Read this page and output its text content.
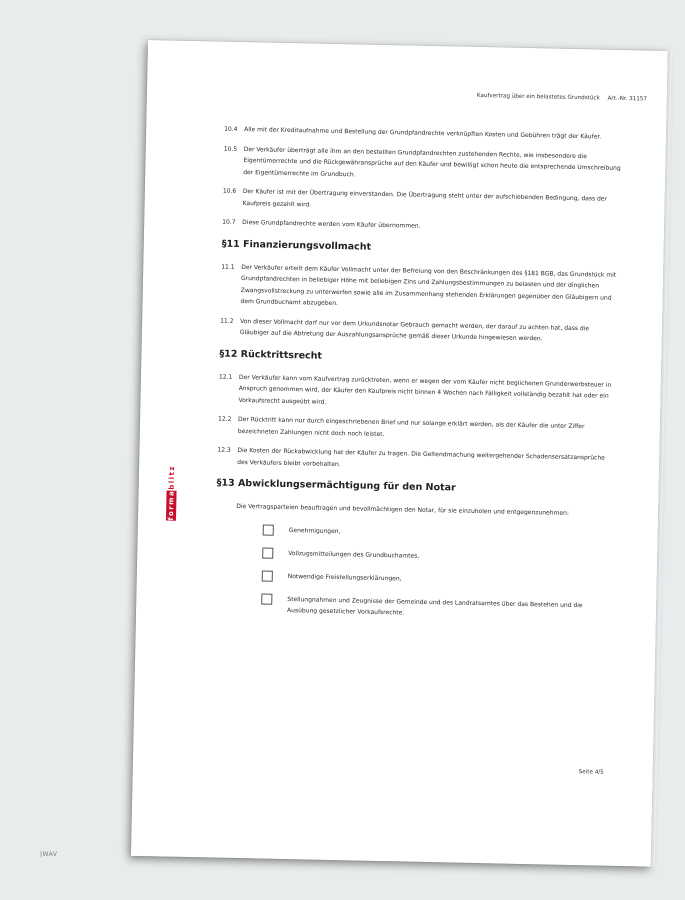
|WAV
Kaufvertrag über ein belastetes Grundstück Art.-Nr. 31157
formablitz
10.4 Alle mit der Kreditaufnahme und Bestellung der Grundpfandrechte verknüpften Kosten und Gebühren trägt der Käufer.
10.5 Der Verkäufer überträgt alle ihm an den bestellten Grundpfandrechten zustehenden Rechte, wie insbesondere die Eigentümerrechte und die Rückgewähransprüche auf den Käufer und bewilligt schon heute die entsprechende Umschreibung der Eigentümerrechte im Grundbuch.
10.6 Der Käufer ist mit der Übertragung einverstanden. Die Übertragung steht unter der aufschiebenden Bedingung, dass der Kaufpreis gezahlt wird.
10.7 Diese Grundpfandrechte werden vom Käufer übernommen.
§11 Finanzierungsvollmacht
11.1 Der Verkäufer erteilt dem Käufer Vollmacht unter der Befreiung von den Beschränkungen des §181 BGB, das Grundstück mit Grundpfandrechten in beliebiger Höhe mit beliebigen Zins und Zahlungsbestimmungen zu belasten und der dinglichen Zwangsvollstreckung zu unterwerfen sowie alle im Zusammenhang stehenden Erklärungen gegenüber den Gläubigern und dem Grundbuchamt abzugeben.
11.2 Von dieser Vollmacht darf nur vor dem Urkundsnotar Gebrauch gemacht werden, der darauf zu achten hat, dass die Gläubiger auf die Abtretung der Auszahlungsansprüche gemäß dieser Urkunde hingewiesen werden.
§12 Rücktrittsrecht
12.1 Der Verkäufer kann vom Kaufvertrag zurücktreten, wenn er wegen der vom Käufer nicht beglichenen Grunderwerbsteuer in Anspruch genommen wird, der Käufer den Kaufpreis nicht binnen 4 Wochen nach Fälligkeit vollständig bezahlt hat oder ein Vorkaufsrecht ausgeübt wird.
12.2 Der Rücktritt kann nur durch eingeschriebenen Brief und nur solange erklärt werden, als der Käufer die unter Ziffer bezeichneten Zahlungen nicht doch noch leistet.
12.3 Die Kosten der Rückabwicklung hat der Käufer zu tragen. Die Geltendmachung weitergehender Schadensersatzansprüche des Verkäufers bleibt vorbehalten.
§13 Abwicklungsermächtigung für den Notar
Die Vertragsparteien beauftragen und bevollmächtigen den Notar, für sie einzuholen und entgegenzunehmen:
Genehmigungen,
Vollzugsmitteilungen des Grundbuchamtes,
Notwendige Freistellungserklärungen,
Stellungnahmen und Zeugnisse der Gemeinde und des Landratsamtes über das Bestehen und die Ausübung gesetzlicher Vorkaufsrechte.
Seite 4/5
